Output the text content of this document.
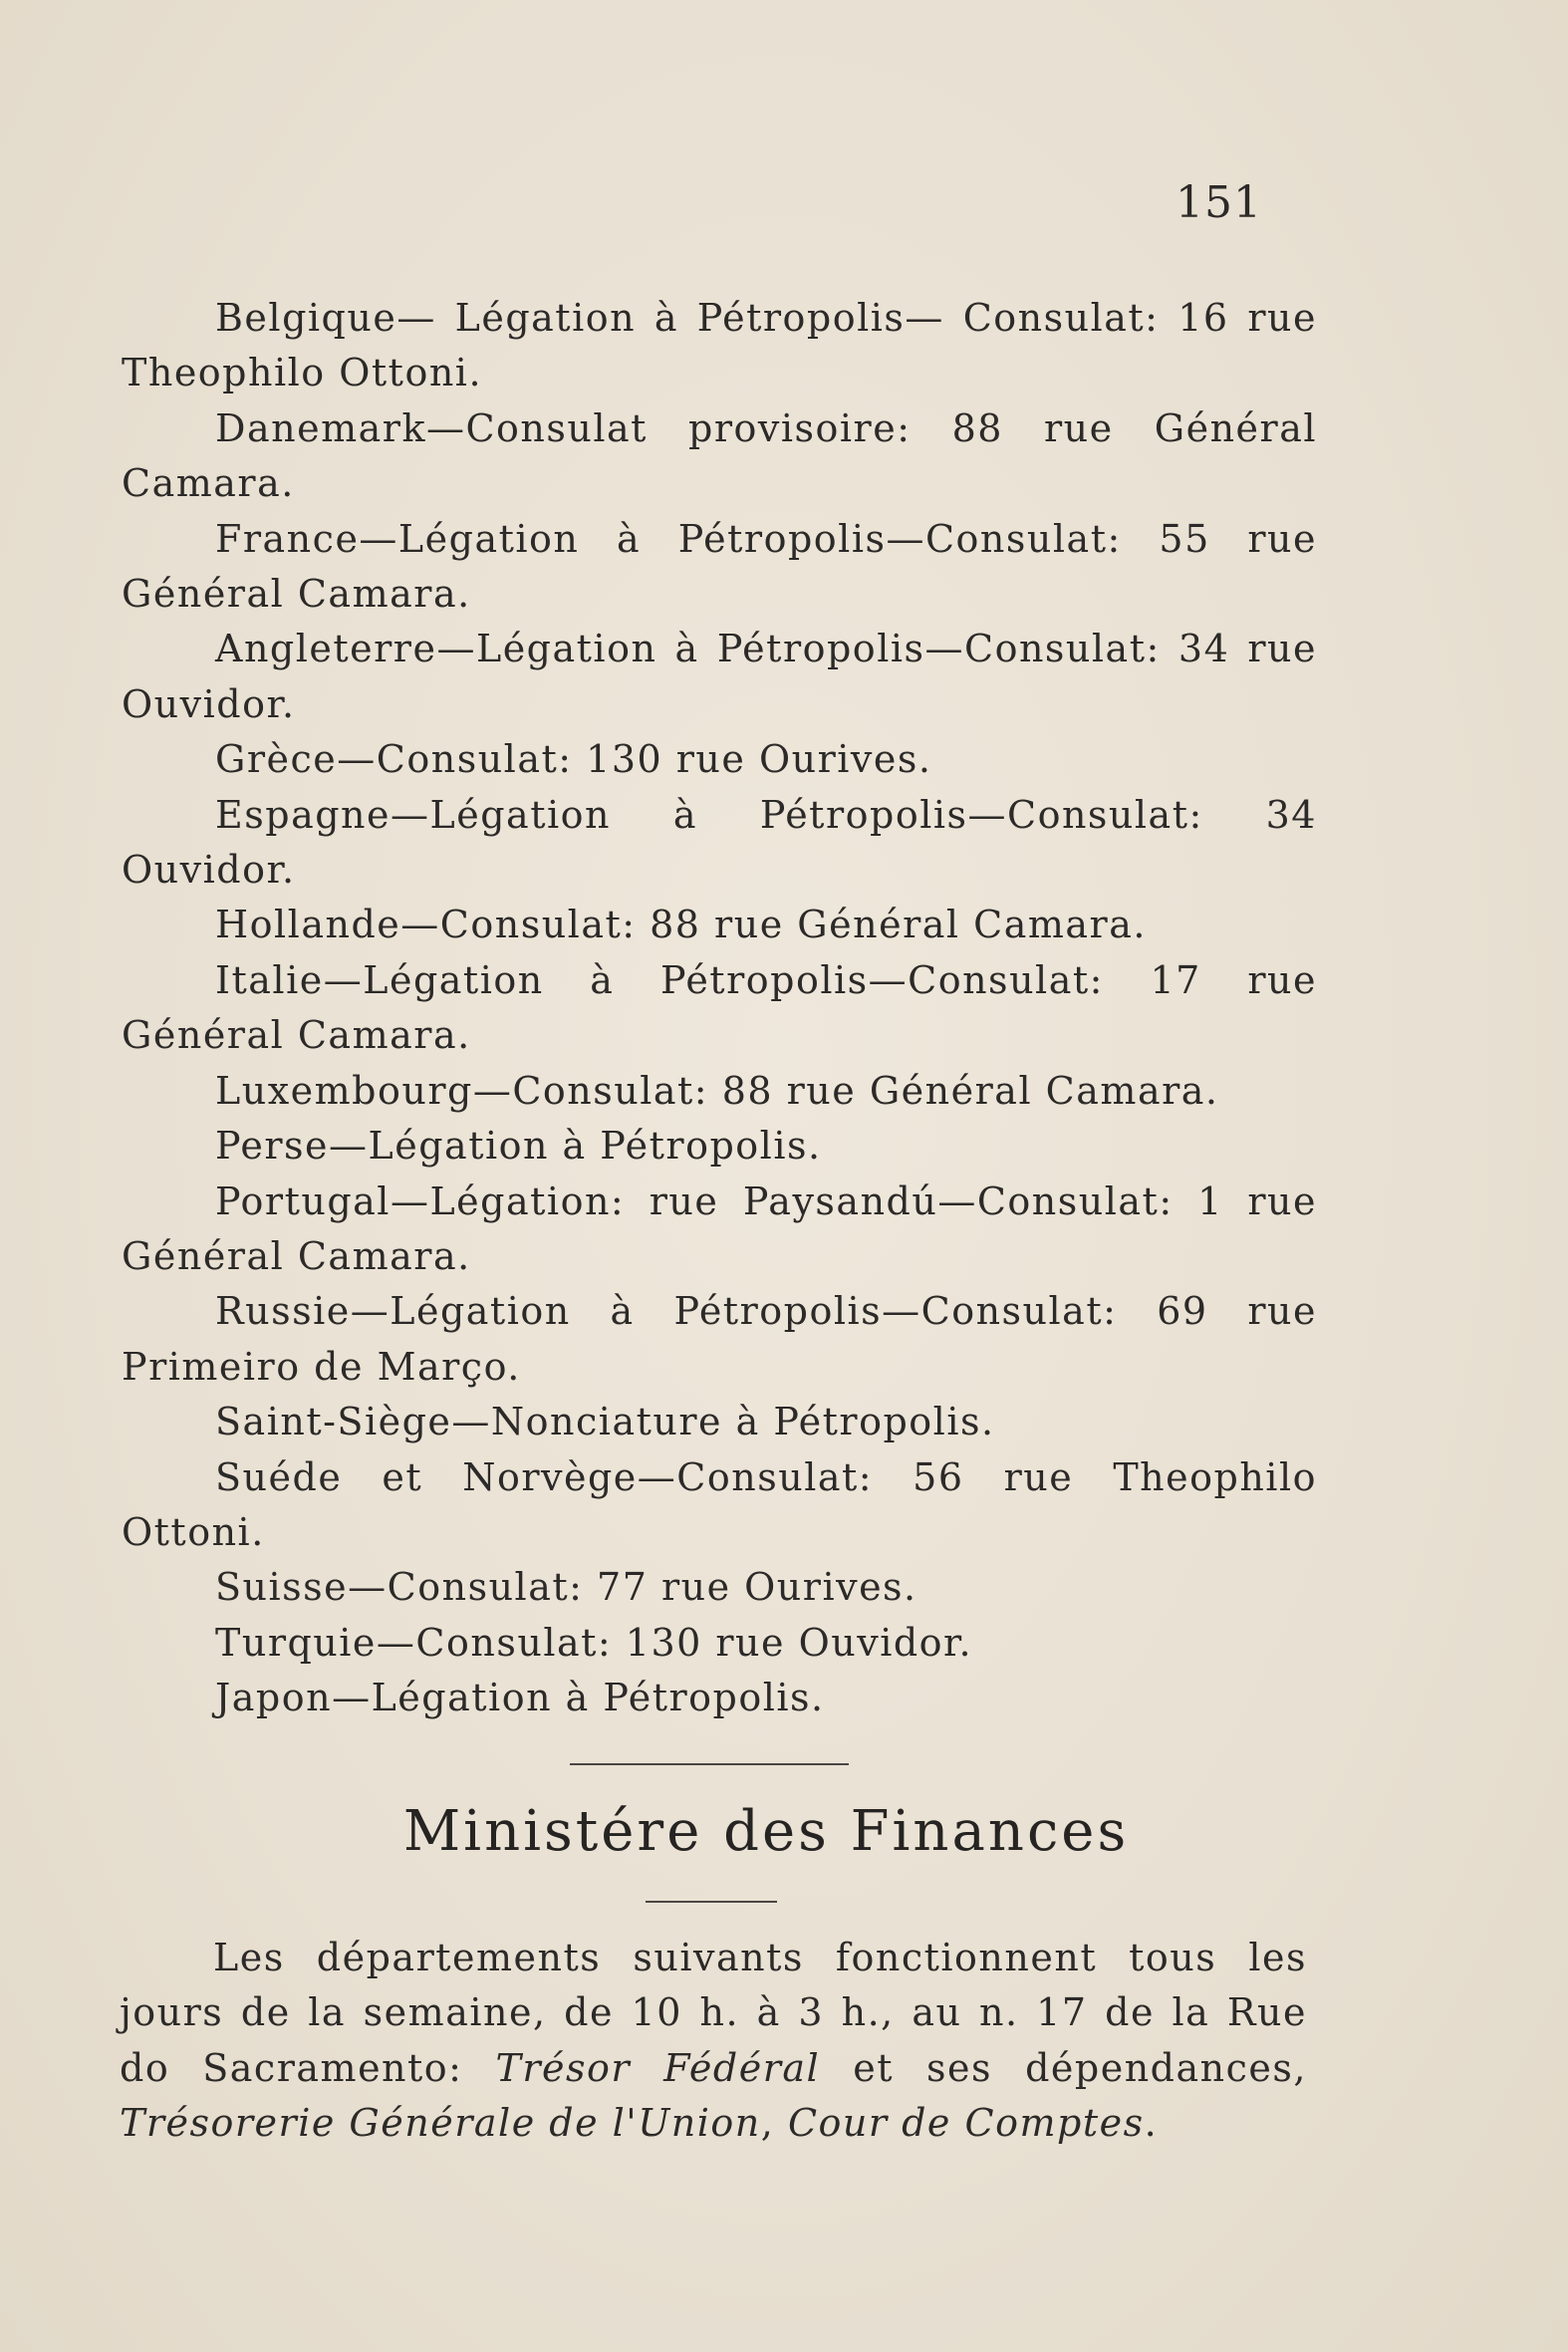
151

Belgique— Légation à Pétropolis— Consulat: 16 rue Theophilo Ottoni.

Danemark—Consulat provisoire: 88 rue Général Camara.

France—Légation à Pétropolis—Consulat: 55 rue Général Camara.

Angleterre—Légation à Pétropolis—Consulat: 34 rue Ouvidor.

Grèce—Consulat: 130 rue Ourives.

Espagne—Légation à Pétropolis—Consulat: 34 Ouvidor.

Hollande—Consulat: 88 rue Général Camara.

Italie—Légation à Pétropolis—Consulat: 17 rue Général Camara.

Luxembourg—Consulat: 88 rue Général Camara.

Perse—Légation à Pétropolis.

Portugal—Légation: rue Paysandú—Consulat: 1 rue Général Camara.

Russie—Légation à Pétropolis—Consulat: 69 rue Primeiro de Março.

Saint-Siège—Nonciature à Pétropolis.

Suéde et Norvège—Consulat: 56 rue Theophilo Ottoni.

Suisse—Consulat: 77 rue Ourives.

Turquie—Consulat: 130 rue Ouvidor.

Japon—Légation à Pétropolis.

Ministére des Finances

Les départements suivants fonctionnent tous les jours de la semaine, de 10 h. à 3 h., au n. 17 de la Rue do Sacramento: Trésor Fédéral et ses dépendances, Trésorerie Générale de l'Union, Cour de Comptes.
